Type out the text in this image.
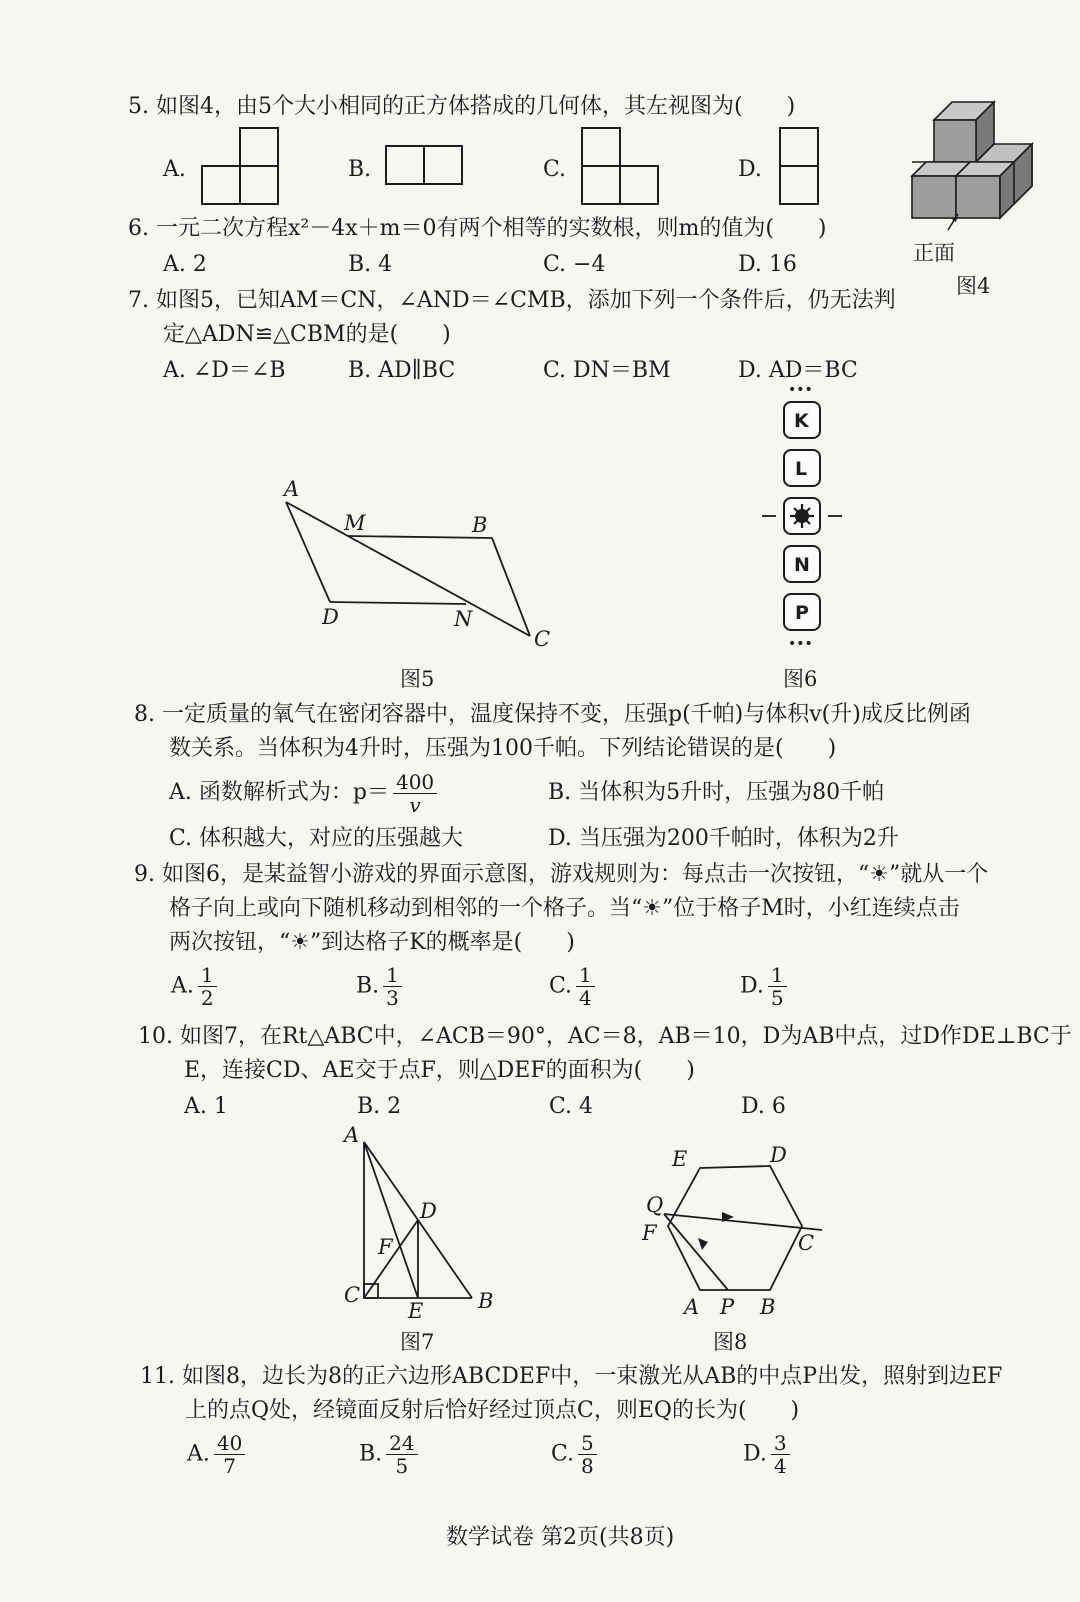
5. 如图4，由5个大小相同的正方体搭成的几何体，其左视图为(　　)
A.	B.	C.	D.
正面
图4
6. 一元二次方程x²－4x＋m＝0有两个相等的实数根，则m的值为(　　)
A. 2	B. 4	C. −4	D. 16
7. 如图5，已知AM＝CN，∠AND＝∠CMB，添加下列一个条件后，仍无法判
定△ADN≌△CBM的是(　　)
A. ∠D＝∠B	B. AD∥BC	C. DN＝BM	D. AD＝BC
A
M	B
D	N
C
图5
•••
K
L
N
P
•••
图6
8. 一定质量的氧气在密闭容器中，温度保持不变，压强p(千帕)与体积v(升)成反比例函
数关系。当体积为4升时，压强为100千帕。下列结论错误的是(　　)
A. 函数解析式为：$p= \frac{400}{v}$	B. 当体积为5升时，压强为80千帕
C. 体积越大，对应的压强越大	D. 当压强为200千帕时，体积为2升
9. 如图6，是某益智小游戏的界面示意图，游戏规则为：每点击一次按钮，“☀”就从一个
格子向上或向下随机移动到相邻的一个格子。当“☀”位于格子M时，小红连续点击
两次按钮，“☀”到达格子K的概率是(　　)
A. $\frac{1}{2}$	B. $\frac{1}{3}$	C. $\frac{1}{4}$	D. $\frac{1}{5}$
10. 如图7，在Rt△ABC中，∠ACB＝90°，AC＝8，AB＝10，D为AB中点，过D作DE⊥BC于
E，连接CD、AE交于点F，则△DEF的面积为(　　)
A. 1	B. 2	C. 4	D. 6
A
D
F
C
E	B
图7
E	D
Q
F	C
A P B
图8
11. 如图8，边长为8的正六边形ABCDEF中，一束激光从AB的中点P出发，照射到边EF
上的点Q处，经镜面反射后恰好经过顶点C，则EQ的长为(　　)
A. $\frac{40}{7}$	B. $\frac{24}{5}$	C. $\frac{5}{8}$	D. $\frac{3}{4}$
数学试卷 第2页(共8页)
